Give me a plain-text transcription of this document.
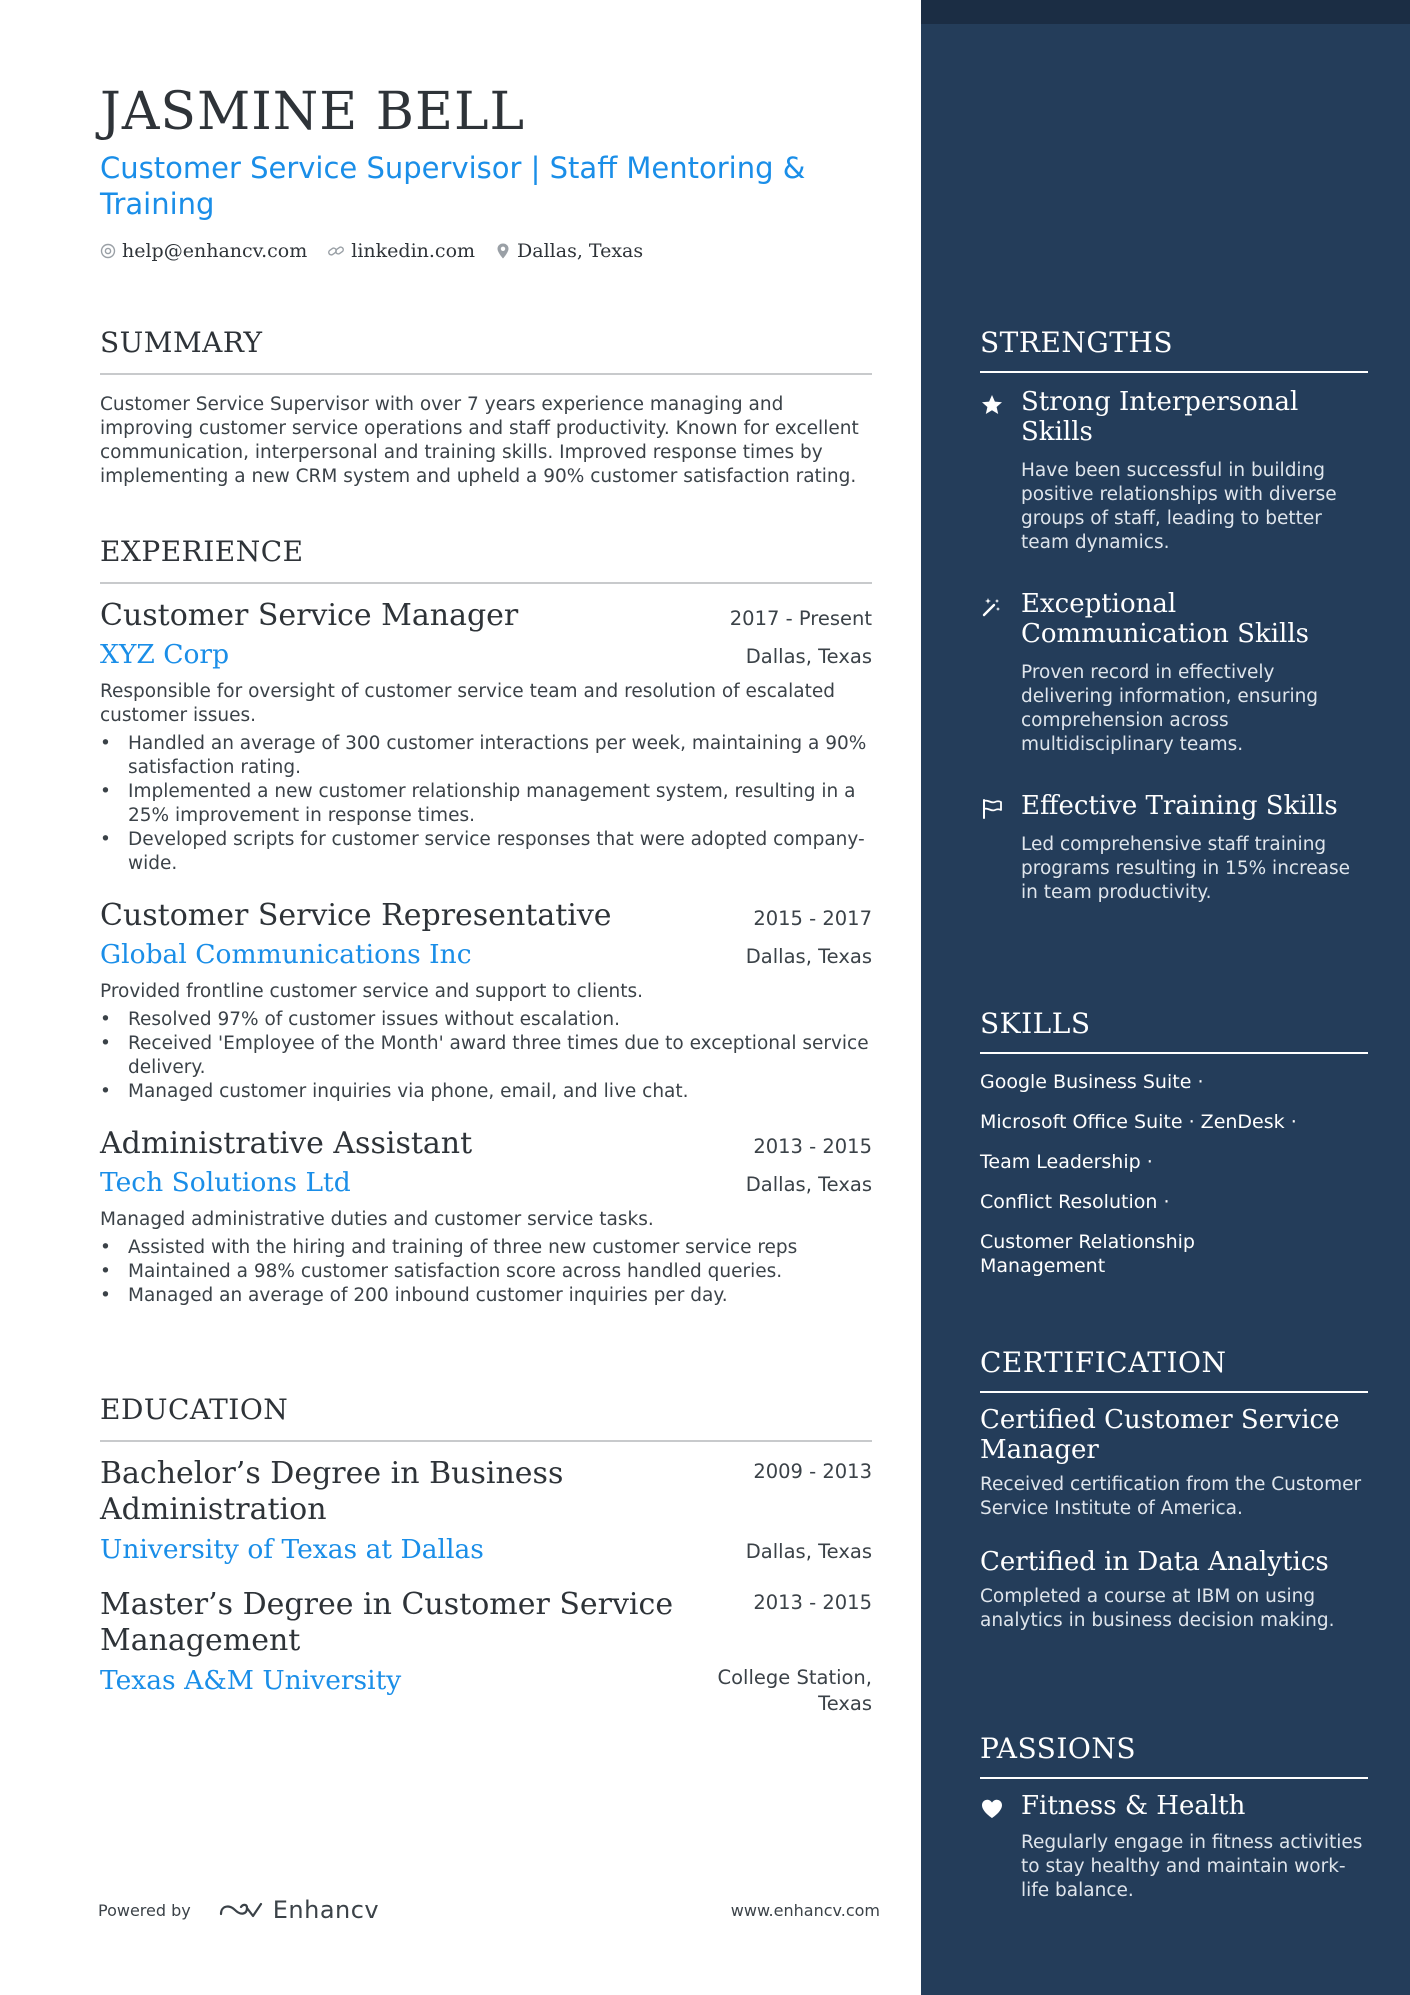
JASMINE BELL
Customer Service Supervisor | Staff Mentoring & Training
help@enhancv.com linkedin.com Dallas, Texas
SUMMARY

Customer Service Supervisor with over 7 years experience managing and improving customer service operations and staff productivity. Known for excellent communication, interpersonal and training skills. Improved response times by implementing a new CRM system and upheld a 90% customer satisfaction rating.

EXPERIENCE
Customer Service Manager	2017 - Present
XYZ Corp	Dallas, Texas
Responsible for oversight of customer service team and resolution of escalated customer issues.
• Handled an average of 300 customer interactions per week, maintaining a 90% satisfaction rating.
• Implemented a new customer relationship management system, resulting in a 25% improvement in response times.
• Developed scripts for customer service responses that were adopted company-wide.
Customer Service Representative	2015 - 2017
Global Communications Inc	Dallas, Texas
Provided frontline customer service and support to clients.
• Resolved 97% of customer issues without escalation.
• Received 'Employee of the Month' award three times due to exceptional service delivery.
• Managed customer inquiries via phone, email, and live chat.
Administrative Assistant	2013 - 2015
Tech Solutions Ltd	Dallas, Texas
Managed administrative duties and customer service tasks.
• Assisted with the hiring and training of three new customer service reps
• Maintained a 98% customer satisfaction score across handled queries.
• Managed an average of 200 inbound customer inquiries per day.
EDUCATION
Bachelor’s Degree in Business Administration
2009 - 2013
University of Texas at Dallas	Dallas, Texas
Master’s Degree in Customer Service Management
2013 - 2015
Texas A&M University	College Station,
Texas
Powered by	Enhancv	www.enhancv.com
STRENGTHS
Strong Interpersonal Skills
Have been successful in building positive relationships with diverse groups of staff, leading to better team dynamics.
Exceptional Communication Skills
Proven record in effectively delivering information, ensuring comprehension across multidisciplinary teams.
Effective Training Skills
Led comprehensive staff training programs resulting in 15% increase in team productivity.
SKILLS
Google Business Suite ·
Microsoft Office Suite · ZenDesk ·
Team Leadership ·
Conflict Resolution ·
Customer Relationship Management
CERTIFICATION
Certified Customer Service Manager
Received certification from the Customer Service Institute of America.
Certified in Data Analytics
Completed a course at IBM on using analytics in business decision making.
PASSIONS
Fitness & Health
Regularly engage in fitness activities to stay healthy and maintain work-life balance.
